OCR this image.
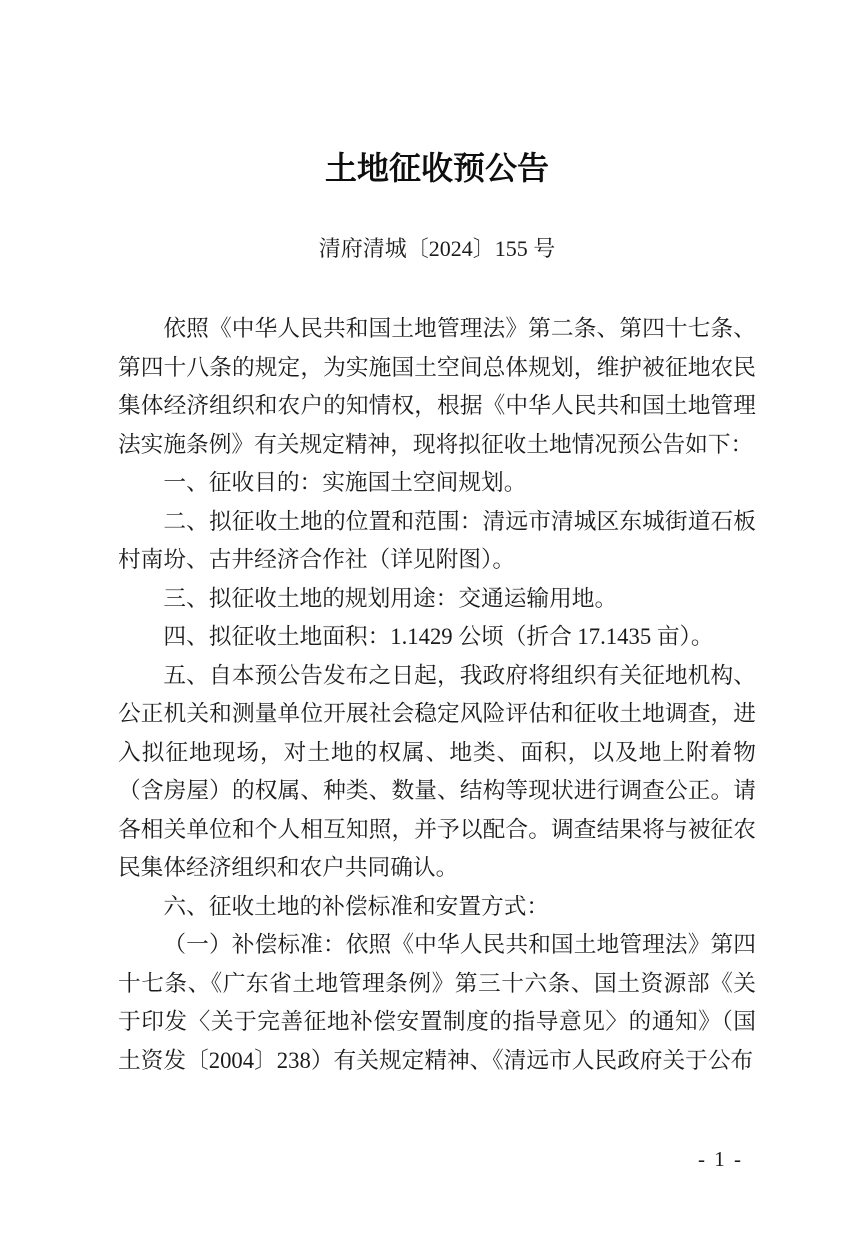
土地征收预公告
清府清城〔2024〕155 号

依照《中华人民共和国土地管理法》第二条、第四十七条、第四十八条的规定，为实施国土空间总体规划，维护被征地农民集体经济组织和农户的知情权，根据《中华人民共和国土地管理法实施条例》有关规定精神，现将拟征收土地情况预公告如下：

一、征收目的：实施国土空间规划。

二、拟征收土地的位置和范围：清远市清城区东城街道石板村南坋、古井经济合作社（详见附图）。

三、拟征收土地的规划用途：交通运输用地。

四、拟征收土地面积：1.1429 公顷（折合 17.1435 亩）。

五、自本预公告发布之日起，我政府将组织有关征地机构、公正机关和测量单位开展社会稳定风险评估和征收土地调查，进入拟征地现场，对土地的权属、地类、面积，以及地上附着物（含房屋）的权属、种类、数量、结构等现状进行调查公正。请各相关单位和个人相互知照，并予以配合。调查结果将与被征农民集体经济组织和农户共同确认。

六、征收土地的补偿标准和安置方式：

（一）补偿标准：依照《中华人民共和国土地管理法》第四十七条、《广东省土地管理条例》第三十六条、国土资源部《关于印发〈关于完善征地补偿安置制度的指导意见〉的通知》（国土资发〔2004〕238）有关规定精神、《清远市人民政府关于公布

- 1 -
